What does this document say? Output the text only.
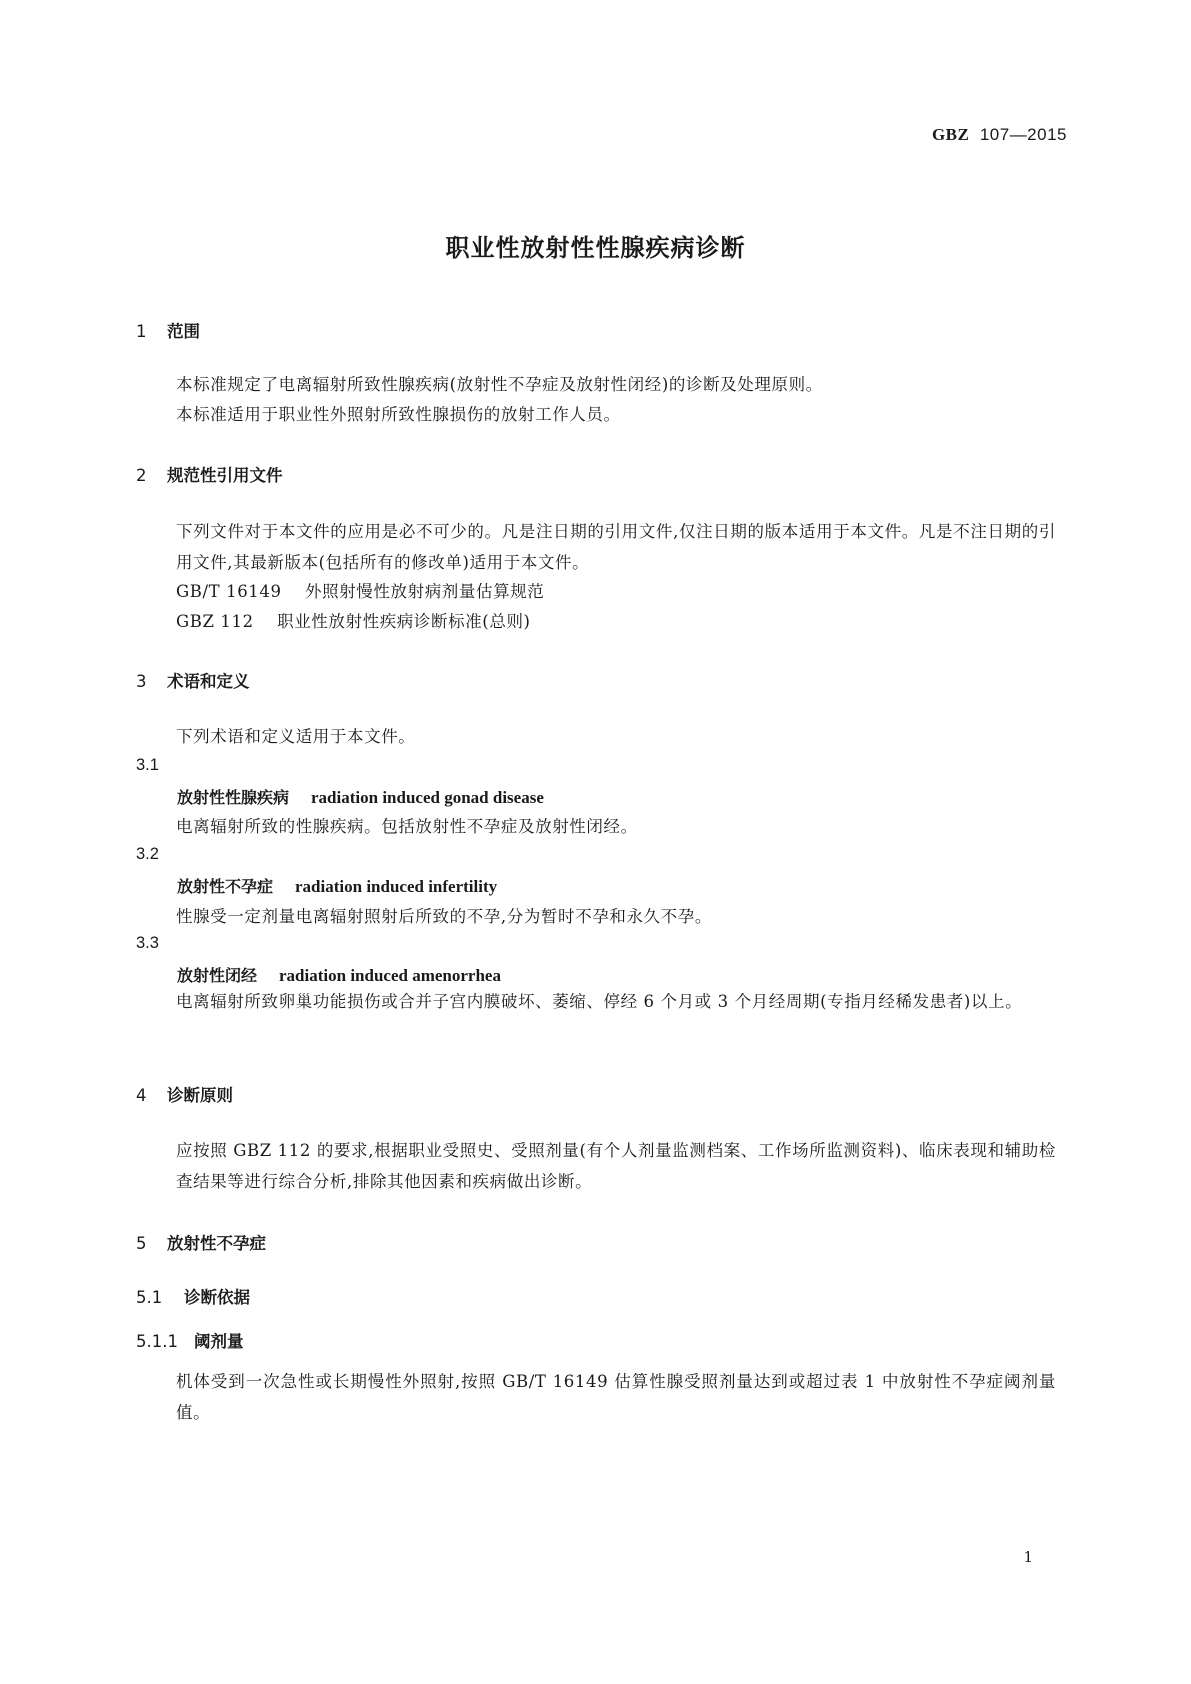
GBZ 107—2015
职业性放射性性腺疾病诊断
1 范围
本标准规定了电离辐射所致性腺疾病(放射性不孕症及放射性闭经)的诊断及处理原则。
本标准适用于职业性外照射所致性腺损伤的放射工作人员。
2 规范性引用文件
下列文件对于本文件的应用是必不可少的。凡是注日期的引用文件,仅注日期的版本适用于本文件。凡是不注日期的引用文件,其最新版本(包括所有的修改单)适用于本文件。
GB/T 16149 外照射慢性放射病剂量估算规范
GBZ 112 职业性放射性疾病诊断标准(总则)
3 术语和定义
下列术语和定义适用于本文件。
3.1
放射性性腺疾病 radiation induced gonad disease
电离辐射所致的性腺疾病。包括放射性不孕症及放射性闭经。
3.2
放射性不孕症 radiation induced infertility
性腺受一定剂量电离辐射照射后所致的不孕,分为暂时不孕和永久不孕。
3.3
放射性闭经 radiation induced amenorrhea
电离辐射所致卵巢功能损伤或合并子宫内膜破坏、萎缩、停经 6 个月或 3 个月经周期(专指月经稀发患者)以上。
4 诊断原则
应按照 GBZ 112 的要求,根据职业受照史、受照剂量(有个人剂量监测档案、工作场所监测资料)、临床表现和辅助检查结果等进行综合分析,排除其他因素和疾病做出诊断。
5 放射性不孕症
5.1 诊断依据
5.1.1 阈剂量
机体受到一次急性或长期慢性外照射,按照 GB/T 16149 估算性腺受照剂量达到或超过表 1 中放射性不孕症阈剂量值。
1
